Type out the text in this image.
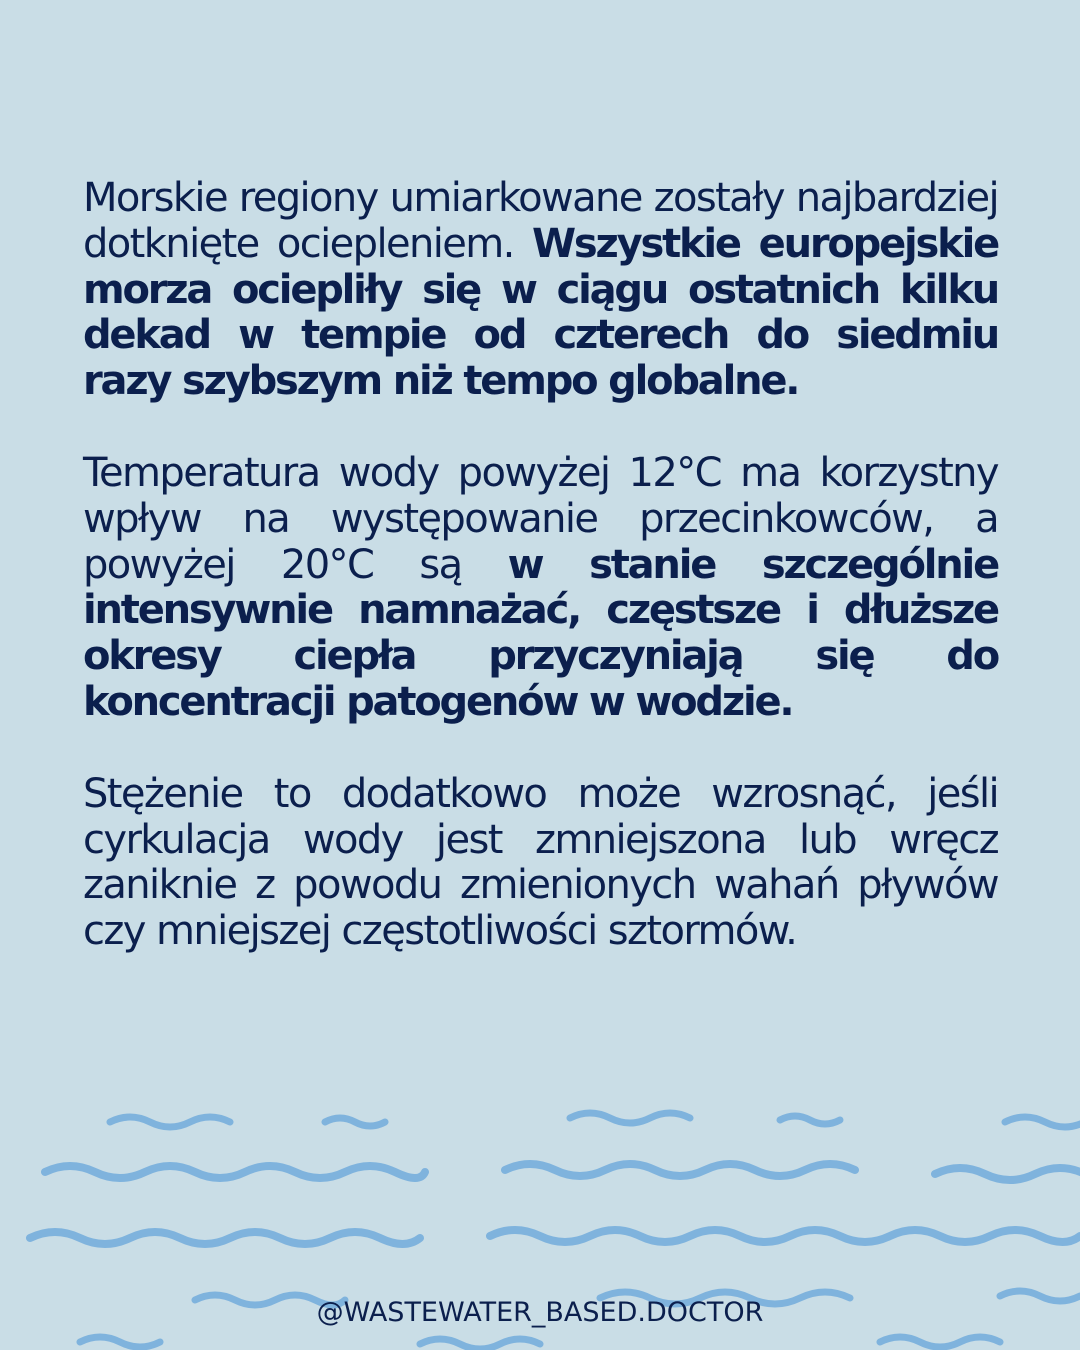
Morskie regiony umiarkowane zostały najbardziej dotknięte ociepleniem. Wszystkie europejskie morza ociepliły się w ciągu ostatnich kilku dekad w tempie od czterech do siedmiu razy szybszym niż tempo globalne.

Temperatura wody powyżej 12°C ma korzystny wpływ na występowanie przecinkowców, a powyżej 20°C są w stanie szczególnie intensywnie namnażać, częstsze i dłuższe okresy ciepła przyczyniają się do koncentracji patogenów w wodzie.

Stężenie to dodatkowo może wzrosnąć, jeśli cyrkulacja wody jest zmniejszona lub wręcz zaniknie z powodu zmienionych wahań pływów czy mniejszej częstotliwości sztormów.

@WASTEWATER_BASED.DOCTOR
